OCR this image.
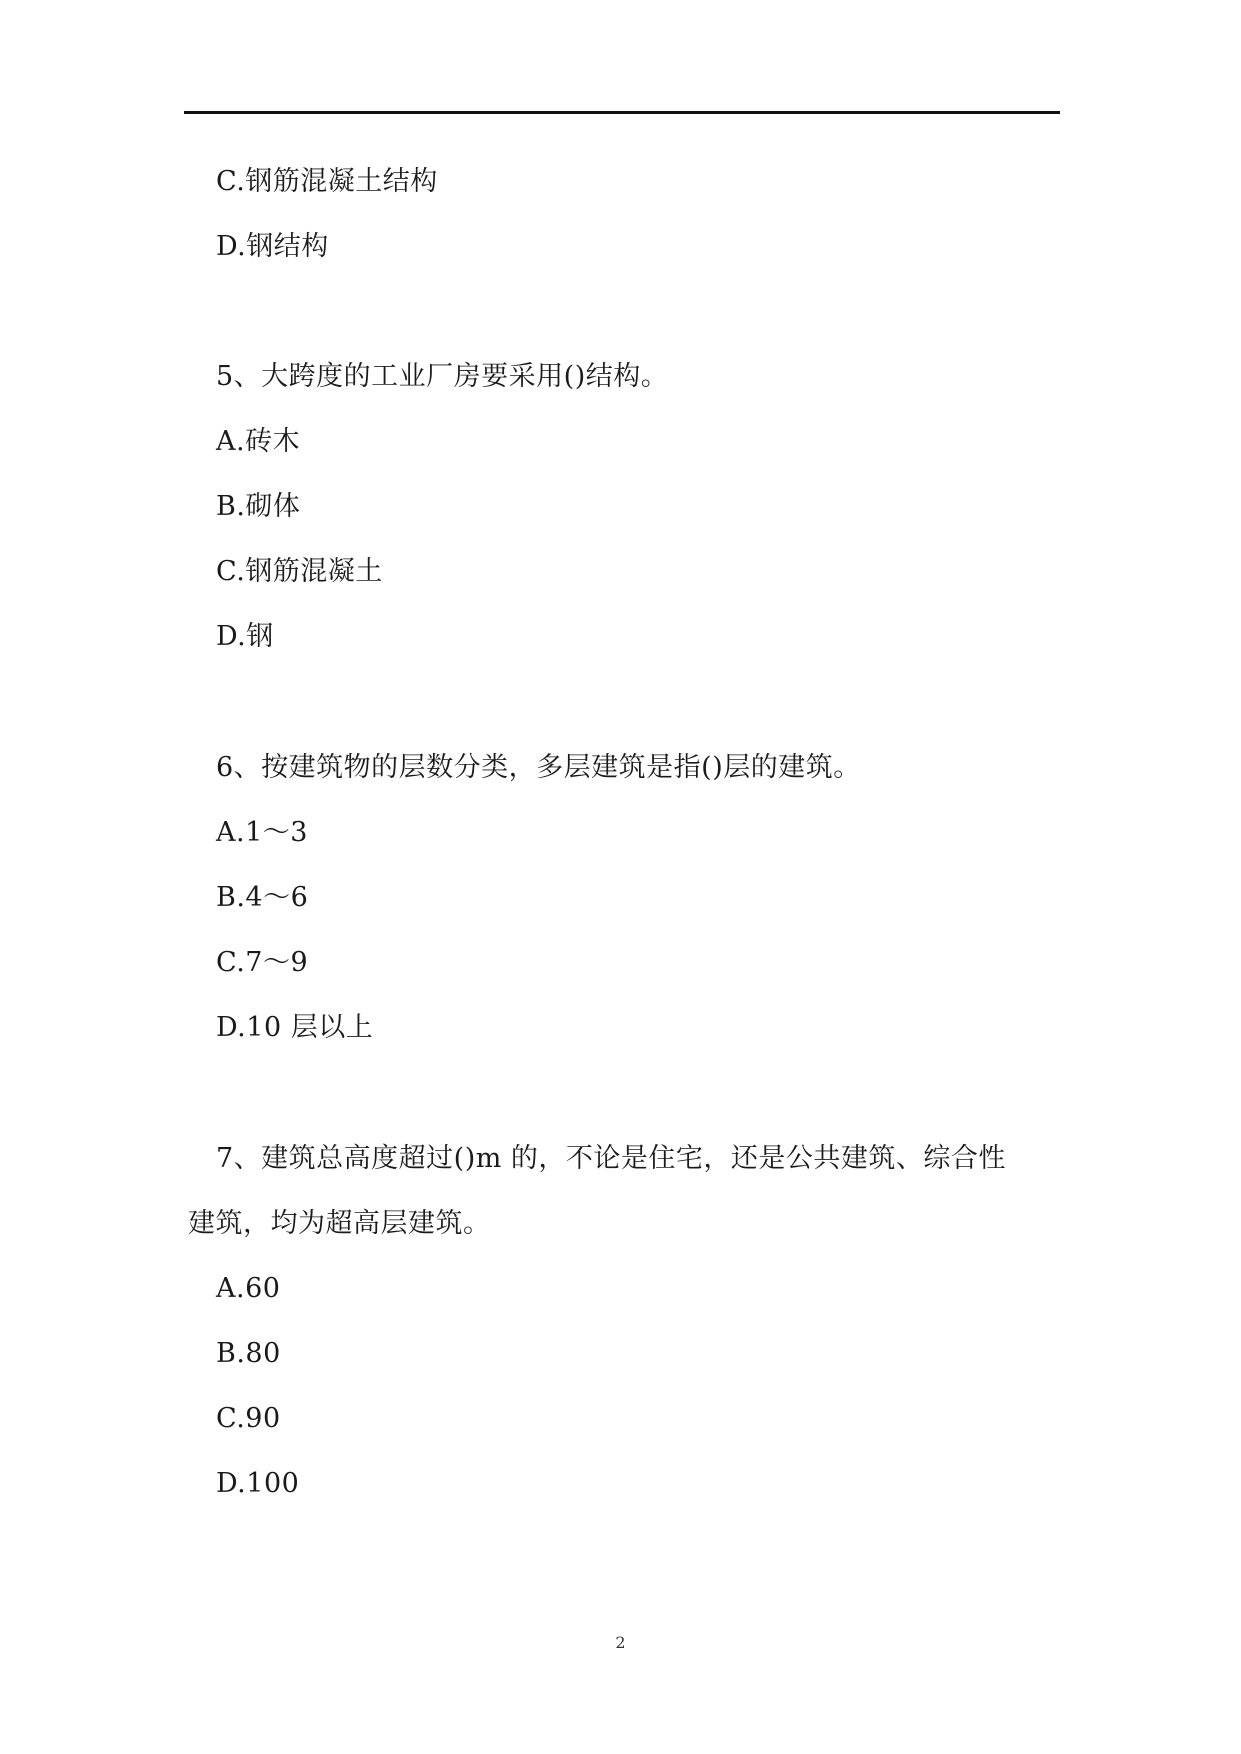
C.钢筋混凝土结构
D.钢结构
5、大跨度的工业厂房要采用()结构。
A.砖木
B.砌体
C.钢筋混凝土
D.钢
6、按建筑物的层数分类，多层建筑是指()层的建筑。
A.1～3
B.4～6
C.7～9
D.10 层以上
7、建筑总高度超过()m 的，不论是住宅，还是公共建筑、综合性
建筑，均为超高层建筑。
A.60
B.80
C.90
D.100
2
